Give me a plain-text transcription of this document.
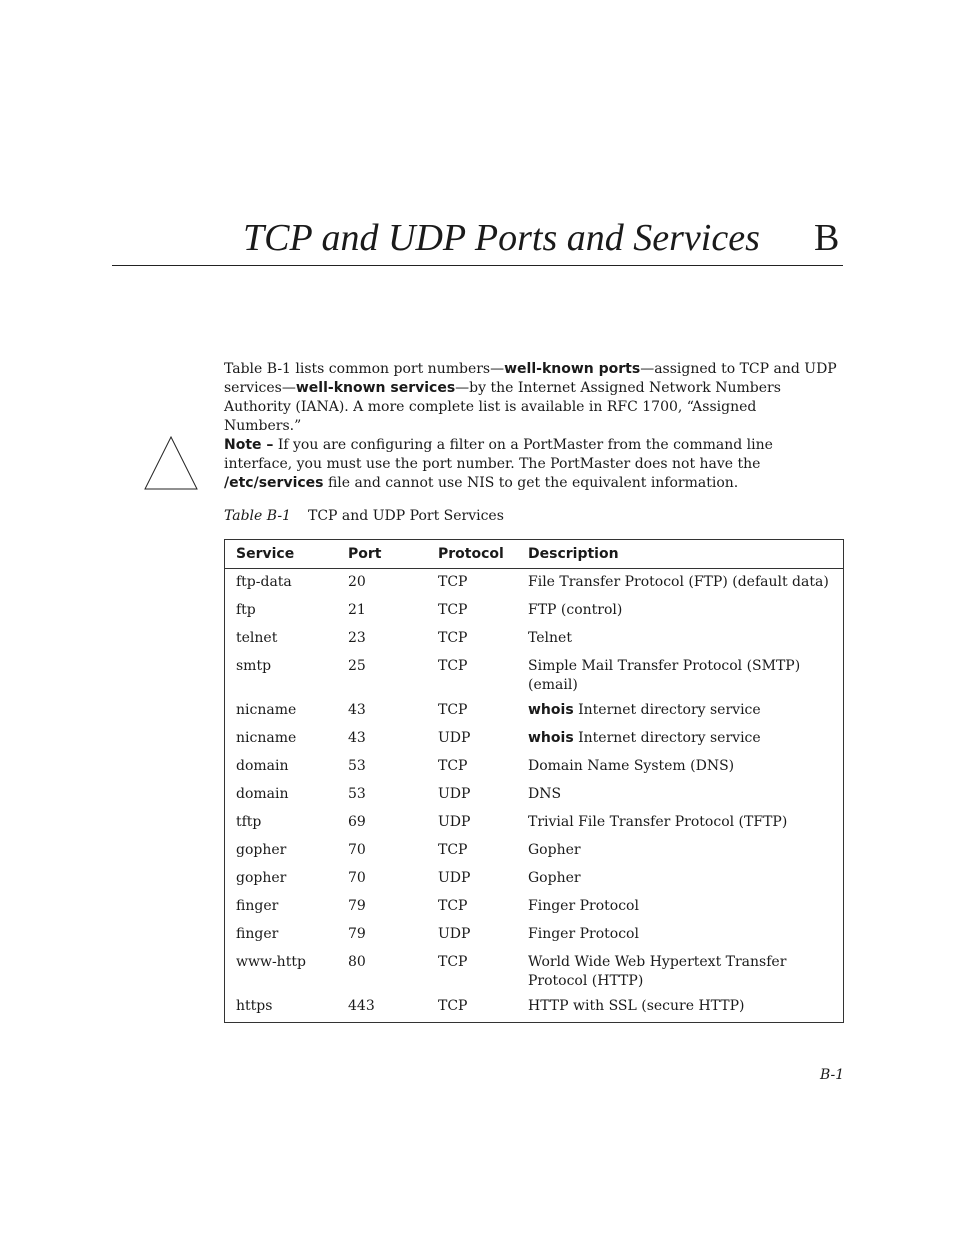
TCP and UDP Ports and Services B

Table B-1 lists common port numbers—well-known ports—assigned to TCP and UDP services—well-known services—by the Internet Assigned Network Numbers Authority (IANA). A more complete list is available in RFC 1700, “Assigned Numbers.”

Note – If you are configuring a filter on a PortMaster from the command line interface, you must use the port number. The PortMaster does not have the /etc/services file and cannot use NIS to get the equivalent information.

Table B-1 TCP and UDP Port Services

Service	Port	Protocol	Description
ftp-data	20	TCP	File Transfer Protocol (FTP) (default data)
ftp	21	TCP	FTP (control)
telnet	23	TCP	Telnet
smtp	25	TCP	Simple Mail Transfer Protocol (SMTP) (email)
nicname	43	TCP	whois Internet directory service
nicname	43	UDP	whois Internet directory service
domain	53	TCP	Domain Name System (DNS)
domain	53	UDP	DNS
tftp	69	UDP	Trivial File Transfer Protocol (TFTP)
gopher	70	TCP	Gopher
gopher	70	UDP	Gopher
finger	79	TCP	Finger Protocol
finger	79	UDP	Finger Protocol
www-http	80	TCP	World Wide Web Hypertext Transfer Protocol (HTTP)
https	443	TCP	HTTP with SSL (secure HTTP)

B-1
